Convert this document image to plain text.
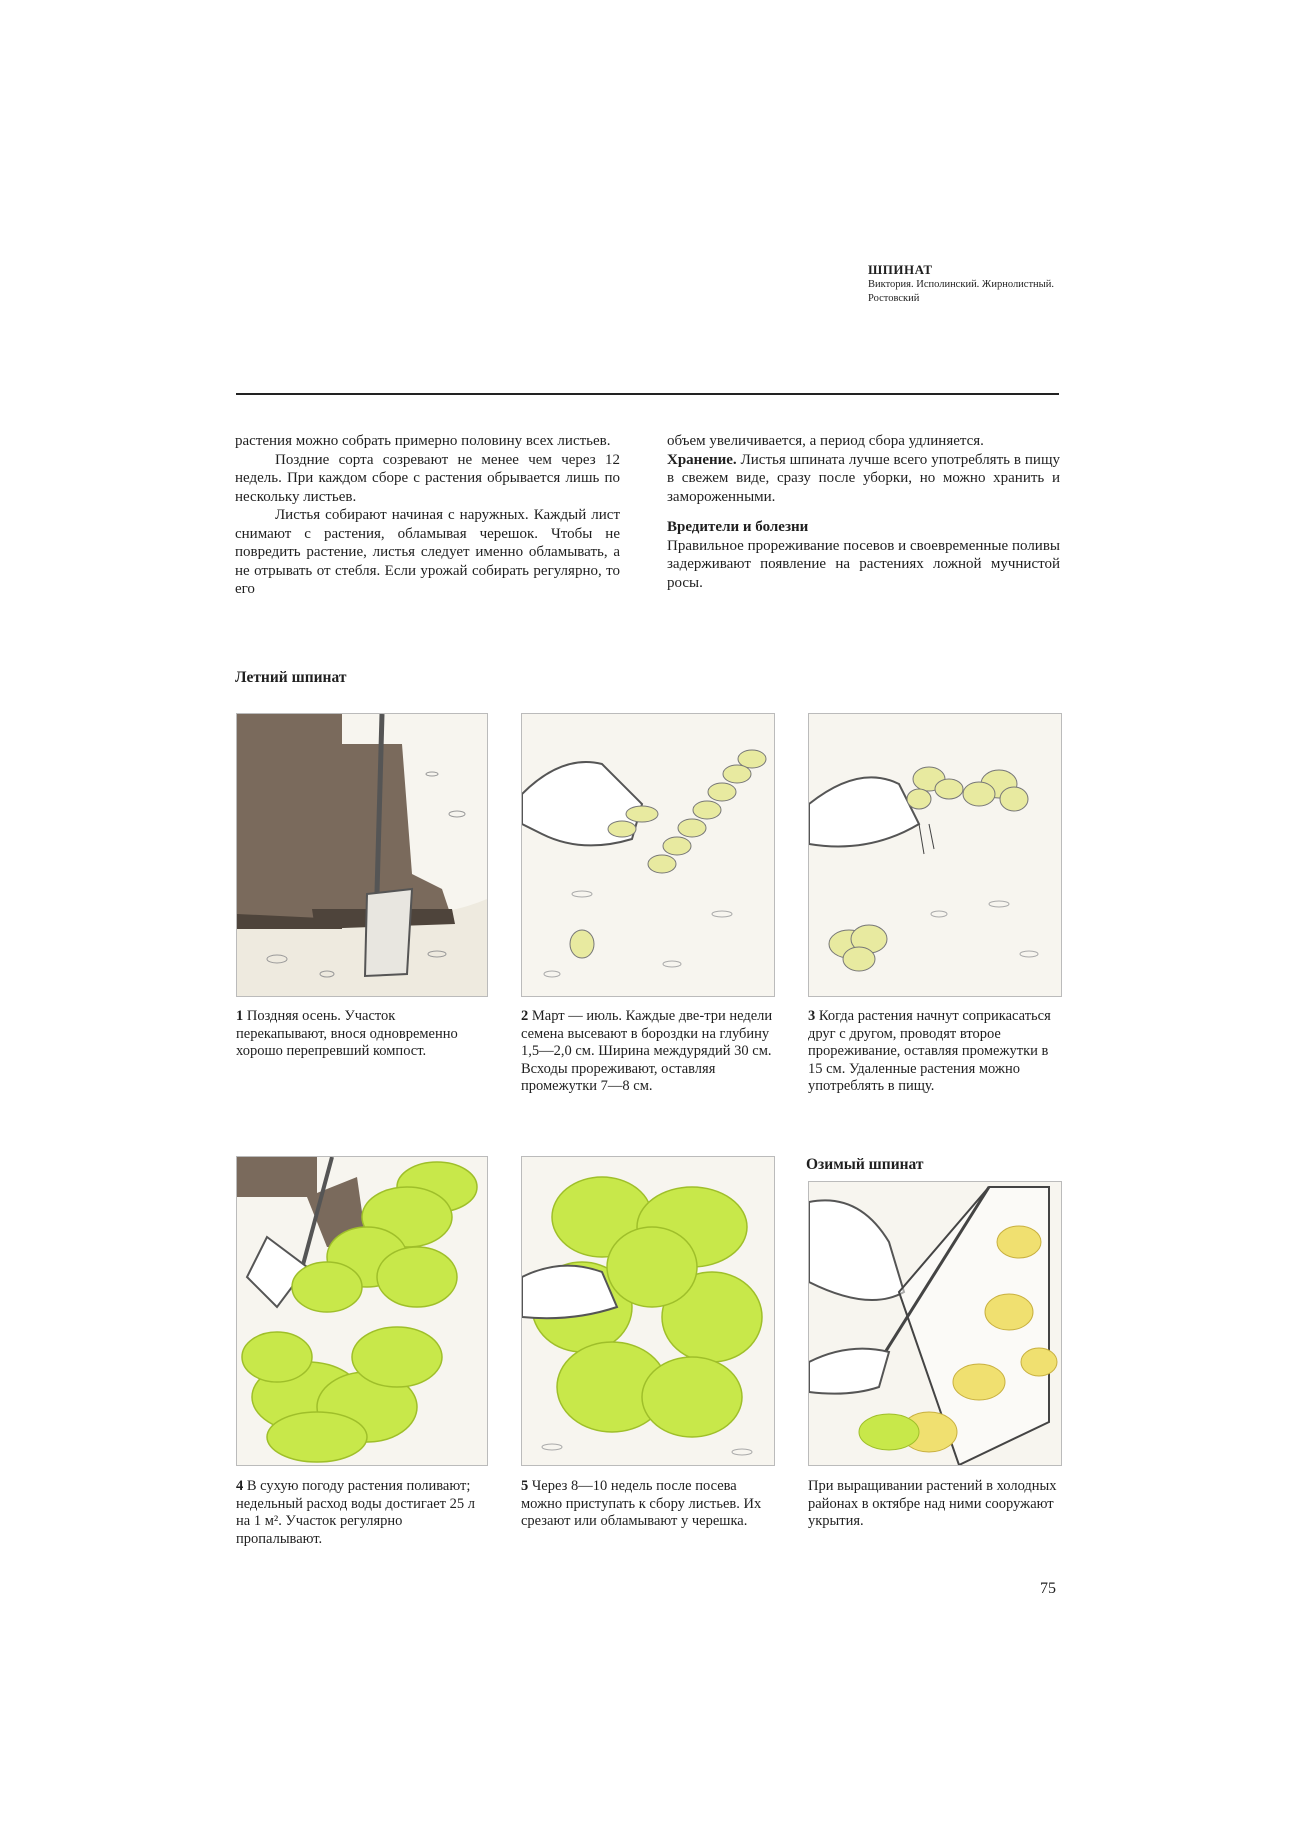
ШПИНАТ
Виктория. Исполинский. Жирнолистный. Ростовский

растения можно собрать примерно половину всех листьев.

Поздние сорта созревают не менее чем через 12 недель. При каждом сборе с растения обрывается лишь по нескольку листьев.

Листья собирают начиная с наружных. Каждый лист снимают с растения, обламывая черешок. Чтобы не повредить растение, листья следует именно обламывать, а не отрывать от стебля. Если урожай собирать регулярно, то его

объем увеличивается, а период сбора удлиняется.

Хранение. Листья шпината лучше всего употреблять в пищу в свежем виде, сразу после уборки, но можно хранить и замороженными.

Вредители и болезни

Правильное прореживание посевов и своевременные поливы задерживают появление на растениях ложной мучнистой росы.

Летний шпинат
1 Поздняя осень. Участок перекапывают, внося одновременно хорошо перепревший компост.
2 Март — июль. Каждые две-три недели семена высевают в бороздки на глубину 1,5—2,0 см. Ширина междурядий 30 см. Всходы прореживают, оставляя промежутки 7—8 см.
3 Когда растения начнут соприкасаться друг с другом, проводят второе прореживание, оставляя промежутки в 15 см. Удаленные растения можно употреблять в пищу.
Озимый шпинат
4 В сухую погоду растения поливают; недельный расход воды достигает 25 л на 1 м². Участок регулярно пропалывают.
5 Через 8—10 недель после посева можно приступать к сбору листьев. Их срезают или обламывают у черешка.
При выращивании растений в холодных районах в октябре над ними сооружают укрытия.
75
